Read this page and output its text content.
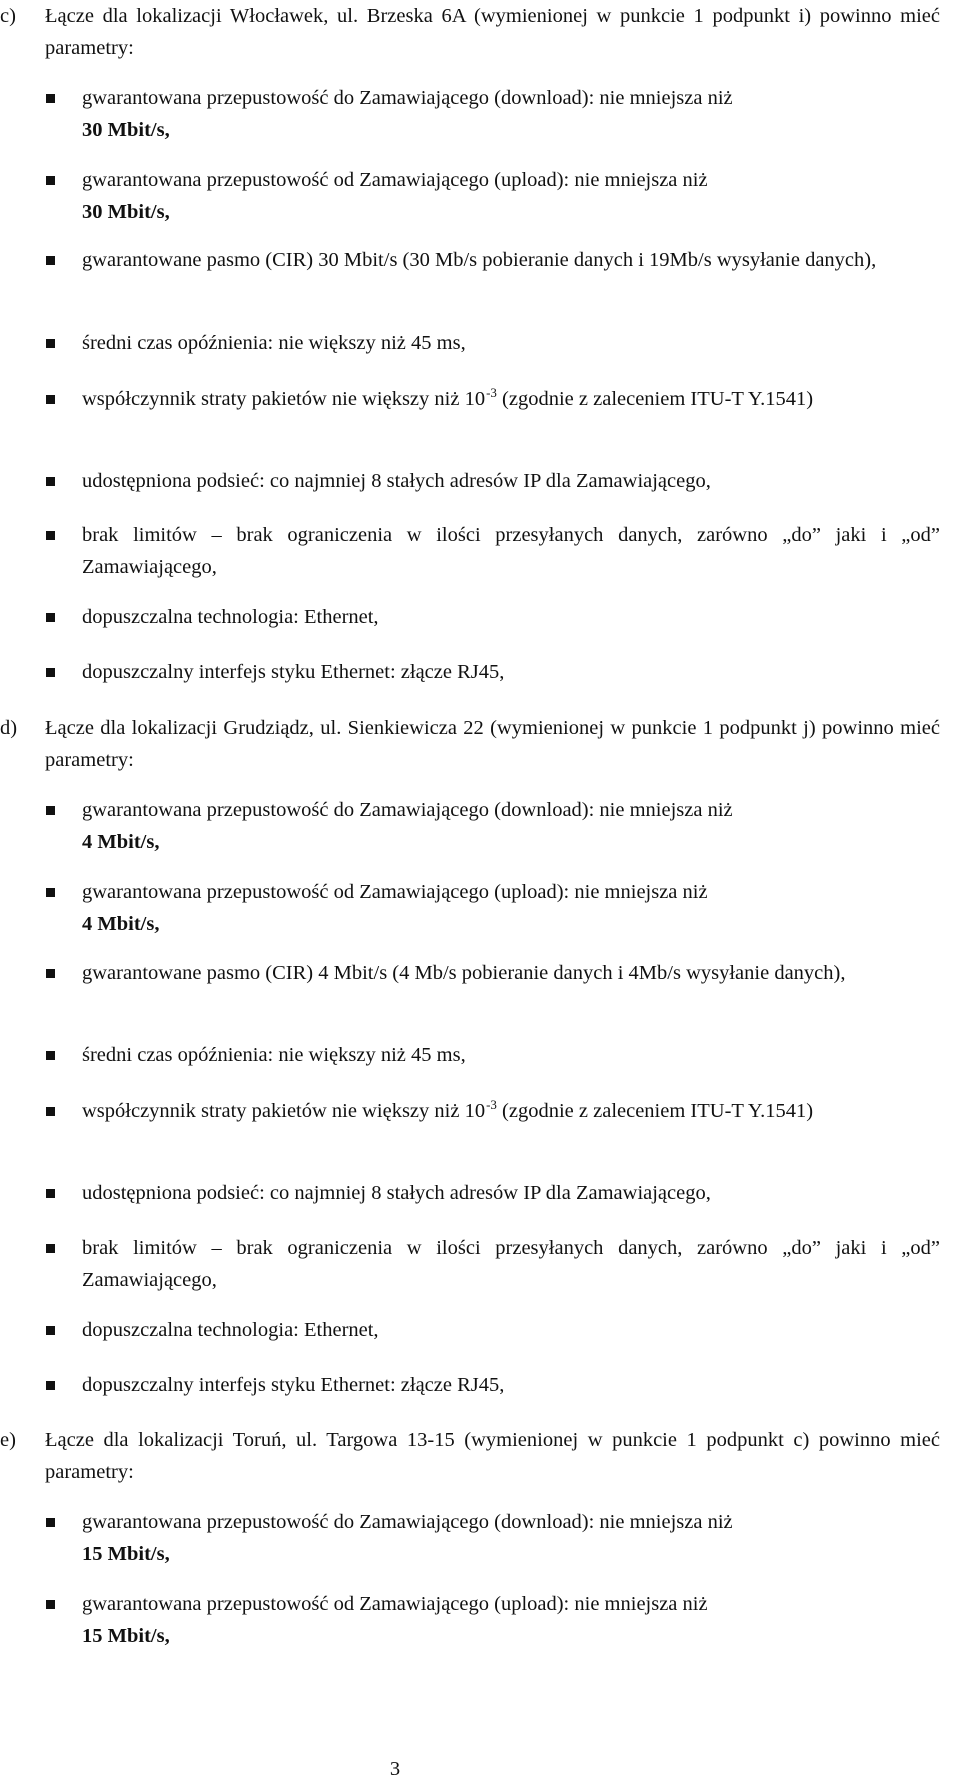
c) Łącze dla lokalizacji Włocławek, ul. Brzeska 6A (wymienionej w punkcie 1 podpunkt i) powinno mieć parametry:
gwarantowana przepustowość do Zamawiającego (download): nie mniejsza niż
30 Mbit/s,
gwarantowana przepustowość od Zamawiającego (upload): nie mniejsza niż
30 Mbit/s,
gwarantowane pasmo (CIR) 30 Mbit/s (30 Mb/s pobieranie danych i 19Mb/s wysyłanie danych),
średni czas opóźnienia: nie większy niż 45 ms,
współczynnik straty pakietów nie większy niż $10^{-3}$ (zgodnie z zaleceniem ITU-T Y.1541)
udostępniona podsieć: co najmniej 8 stałych adresów IP dla Zamawiającego,
brak limitów – brak ograniczenia w ilości przesyłanych danych, zarówno „do” jaki i „od” Zamawiającego,
dopuszczalna technologia: Ethernet,
dopuszczalny interfejs styku Ethernet: złącze RJ45,
d) Łącze dla lokalizacji Grudziądz, ul. Sienkiewicza 22 (wymienionej w punkcie 1 podpunkt j) powinno mieć parametry:
gwarantowana przepustowość do Zamawiającego (download): nie mniejsza niż
4 Mbit/s,
gwarantowana przepustowość od Zamawiającego (upload): nie mniejsza niż
4 Mbit/s,
gwarantowane pasmo (CIR) 4 Mbit/s (4 Mb/s pobieranie danych i 4Mb/s wysyłanie danych),
średni czas opóźnienia: nie większy niż 45 ms,
współczynnik straty pakietów nie większy niż $10^{-3}$ (zgodnie z zaleceniem ITU-T Y.1541)
udostępniona podsieć: co najmniej 8 stałych adresów IP dla Zamawiającego,
brak limitów – brak ograniczenia w ilości przesyłanych danych, zarówno „do” jaki i „od” Zamawiającego,
dopuszczalna technologia: Ethernet,
dopuszczalny interfejs styku Ethernet: złącze RJ45,
e) Łącze dla lokalizacji Toruń, ul. Targowa 13-15 (wymienionej w punkcie 1 podpunkt c) powinno mieć parametry:
gwarantowana przepustowość do Zamawiającego (download): nie mniejsza niż
15 Mbit/s,
gwarantowana przepustowość od Zamawiającego (upload): nie mniejsza niż
15 Mbit/s,
3
